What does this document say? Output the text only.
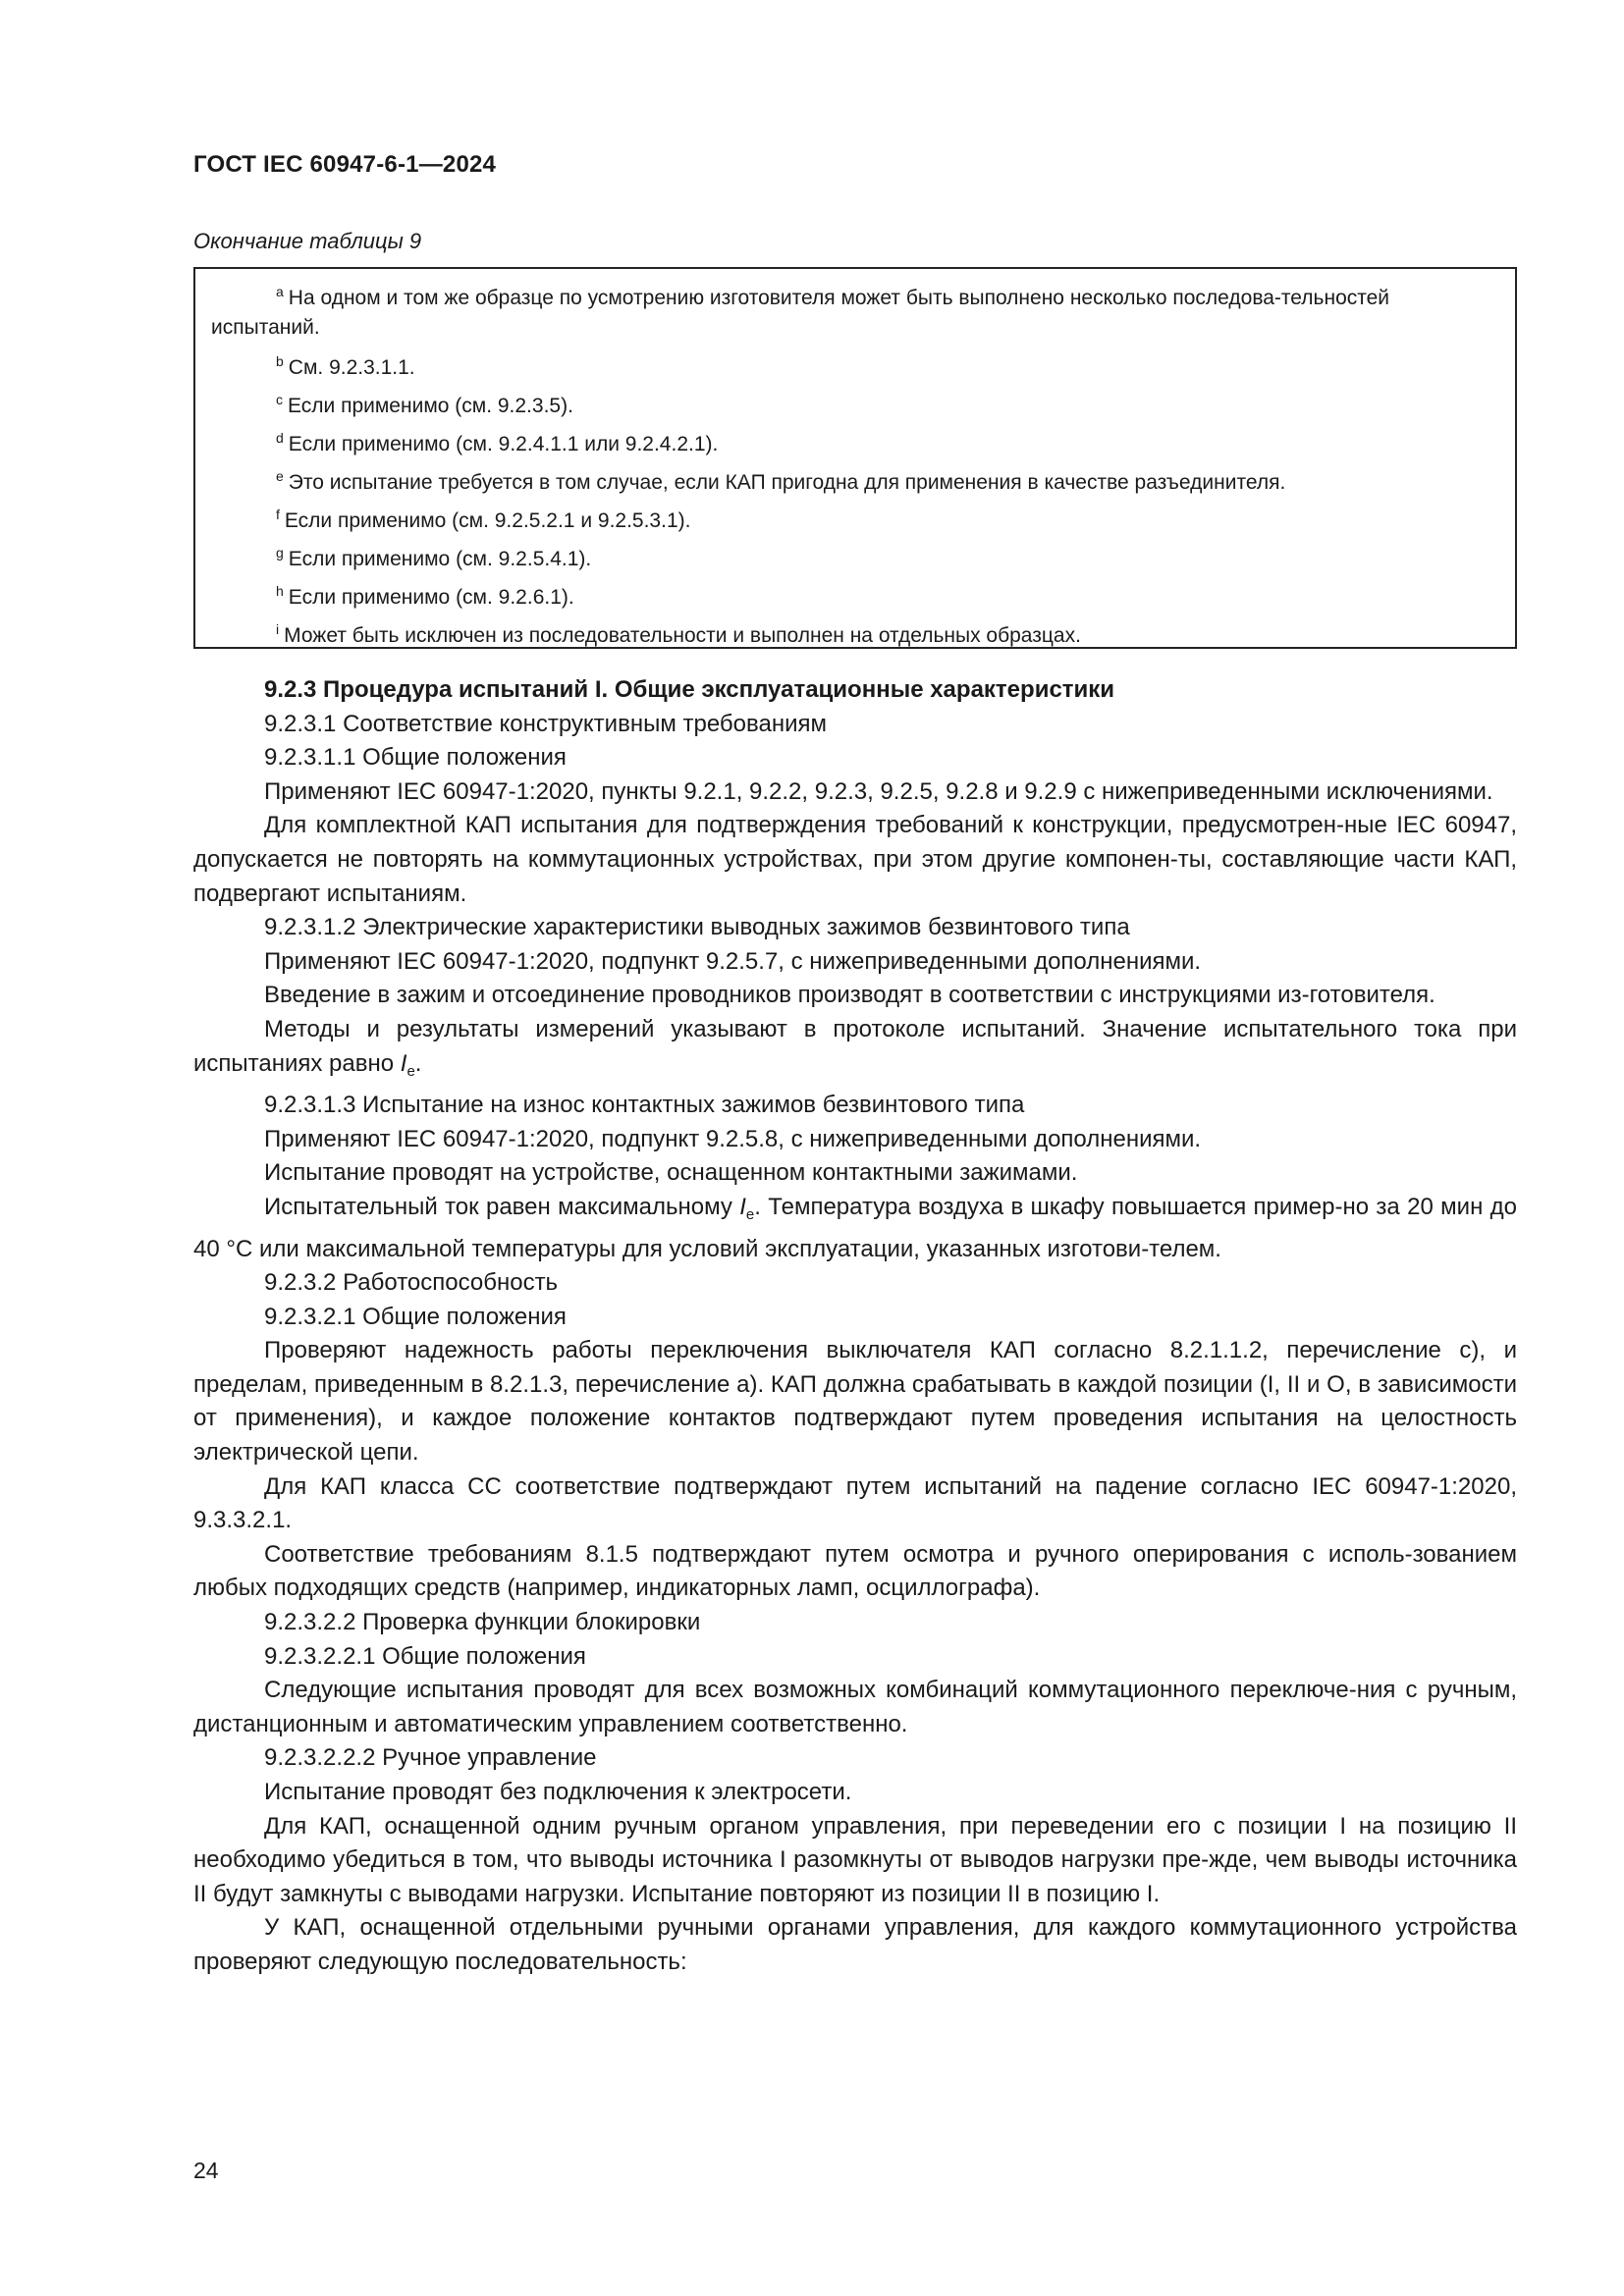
ГОСТ IEC 60947-6-1—2024
Окончание таблицы 9
$^a$ На одном и том же образце по усмотрению изготовителя может быть выполнено несколько последова-тельностей испытаний.
$^b$ См. 9.2.3.1.1.
$^c$ Если применимо (см. 9.2.3.5).
$^d$ Если применимо (см. 9.2.4.1.1 или 9.2.4.2.1).
$^e$ Это испытание требуется в том случае, если КАП пригодна для применения в качестве разъединителя.
$^f$ Если применимо (см. 9.2.5.2.1 и 9.2.5.3.1).
$^g$ Если применимо (см. 9.2.5.4.1).
$^h$ Если применимо (см. 9.2.6.1).
$^i$ Может быть исключен из последовательности и выполнен на отдельных образцах.

9.2.3 Процедура испытаний I. Общие эксплуатационные характеристики

9.2.3.1 Соответствие конструктивным требованиям

9.2.3.1.1 Общие положения

Применяют IEC 60947-1:2020, пункты 9.2.1, 9.2.2, 9.2.3, 9.2.5, 9.2.8 и 9.2.9 с нижеприведенными исключениями.

Для комплектной КАП испытания для подтверждения требований к конструкции, предусмотрен-ные IEC 60947, допускается не повторять на коммутационных устройствах, при этом другие компонен-ты, составляющие части КАП, подвергают испытаниям.

9.2.3.1.2 Электрические характеристики выводных зажимов безвинтового типа

Применяют IEC 60947-1:2020, подпункт 9.2.5.7, с нижеприведенными дополнениями.

Введение в зажим и отсоединение проводников производят в соответствии с инструкциями из-готовителя.

Методы и результаты измерений указывают в протоколе испытаний. Значение испытательного тока при испытаниях равно $I_e$.

9.2.3.1.3 Испытание на износ контактных зажимов безвинтового типа

Применяют IEC 60947-1:2020, подпункт 9.2.5.8, с нижеприведенными дополнениями.

Испытание проводят на устройстве, оснащенном контактными зажимами.

Испытательный ток равен максимальному $I_e$. Температура воздуха в шкафу повышается пример-но за 20 мин до 40 °С или максимальной температуры для условий эксплуатации, указанных изготови-телем.

9.2.3.2 Работоспособность

9.2.3.2.1 Общие положения

Проверяют надежность работы переключения выключателя КАП согласно 8.2.1.1.2, перечисление с), и пределам, приведенным в 8.2.1.3, перечисление а). КАП должна срабатывать в каждой позиции (I, II и О, в зависимости от применения), и каждое положение контактов подтверждают путем проведения испытания на целостность электрической цепи.

Для КАП класса СС соответствие подтверждают путем испытаний на падение согласно IEC 60947-1:2020, 9.3.3.2.1.

Соответствие требованиям 8.1.5 подтверждают путем осмотра и ручного оперирования с исполь-зованием любых подходящих средств (например, индикаторных ламп, осциллографа).

9.2.3.2.2 Проверка функции блокировки

9.2.3.2.2.1 Общие положения

Следующие испытания проводят для всех возможных комбинаций коммутационного переключе-ния с ручным, дистанционным и автоматическим управлением соответственно.

9.2.3.2.2.2 Ручное управление

Испытание проводят без подключения к электросети.

Для КАП, оснащенной одним ручным органом управления, при переведении его с позиции I на позицию II необходимо убедиться в том, что выводы источника I разомкнуты от выводов нагрузки пре-жде, чем выводы источника II будут замкнуты с выводами нагрузки. Испытание повторяют из позиции II в позицию I.

У КАП, оснащенной отдельными ручными органами управления, для каждого коммутационного устройства проверяют следующую последовательность:

24
